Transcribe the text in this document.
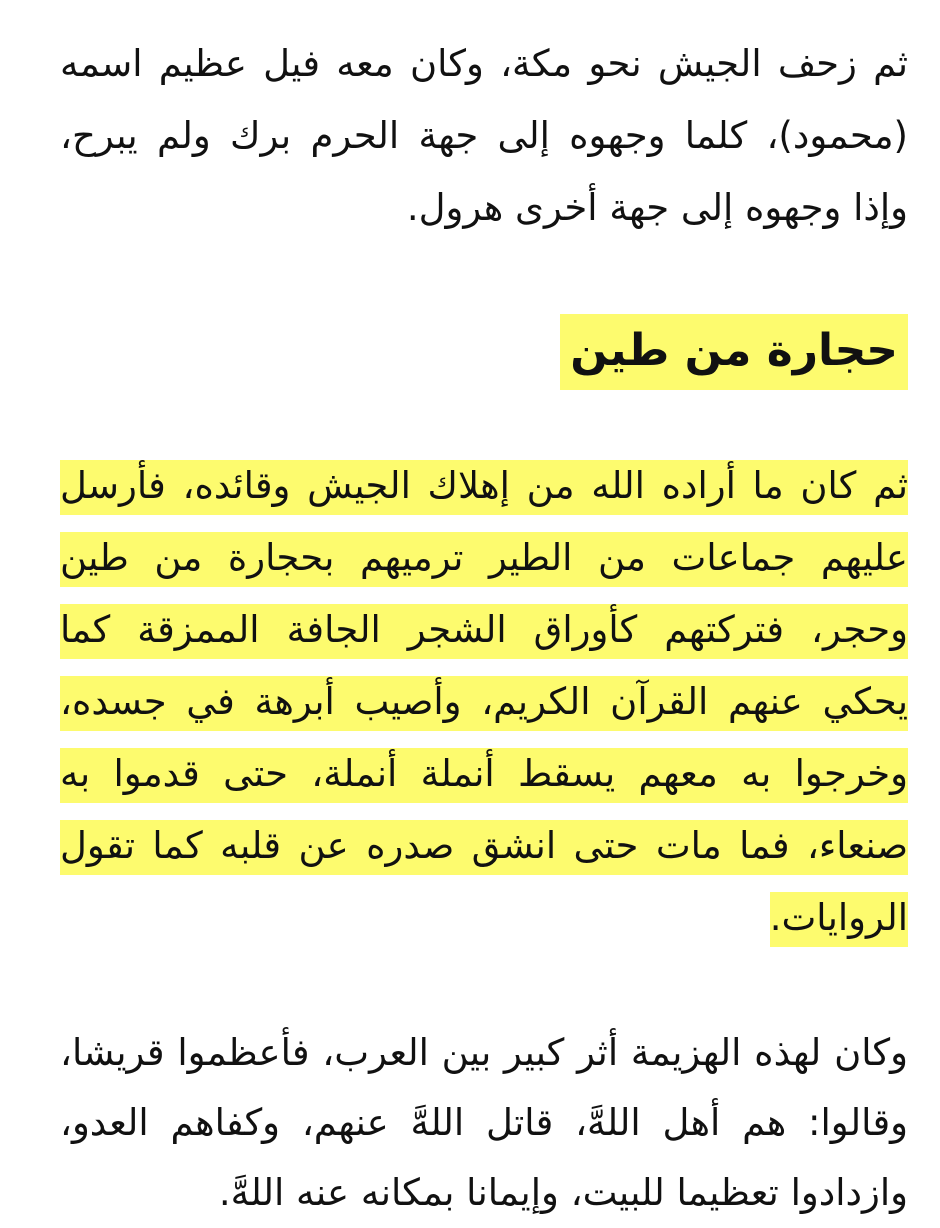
ثم زحف الجيش نحو مكة، وكان معه فيل عظيم اسمه (محمود)، كلما وجهوه إلى جهة الحرم برك ولم يبرح، وإذا وجهوه إلى جهة أخرى هرول.

حجارة من طين

ثم كان ما أراده الله من إهلاك الجيش وقائده، فأرسل عليهم جماعات من الطير ترميهم بحجارة من طين وحجر، فتركتهم كأوراق الشجر الجافة الممزقة كما يحكي عنهم القرآن الكريم، وأصيب أبرهة في جسده، وخرجوا به معهم يسقط أنملة أنملة، حتى قدموا به صنعاء، فما مات حتى انشق صدره عن قلبه كما تقول الروايات.

وكان لهذه الهزيمة أثر كبير بين العرب، فأعظموا قريشا، وقالوا: هم أهل اللهَّ، قاتل اللهَّ عنهم، وكفاهم العدو، وازدادوا تعظيما للبيت، وإيمانا بمكانه عنه اللهَّ.
